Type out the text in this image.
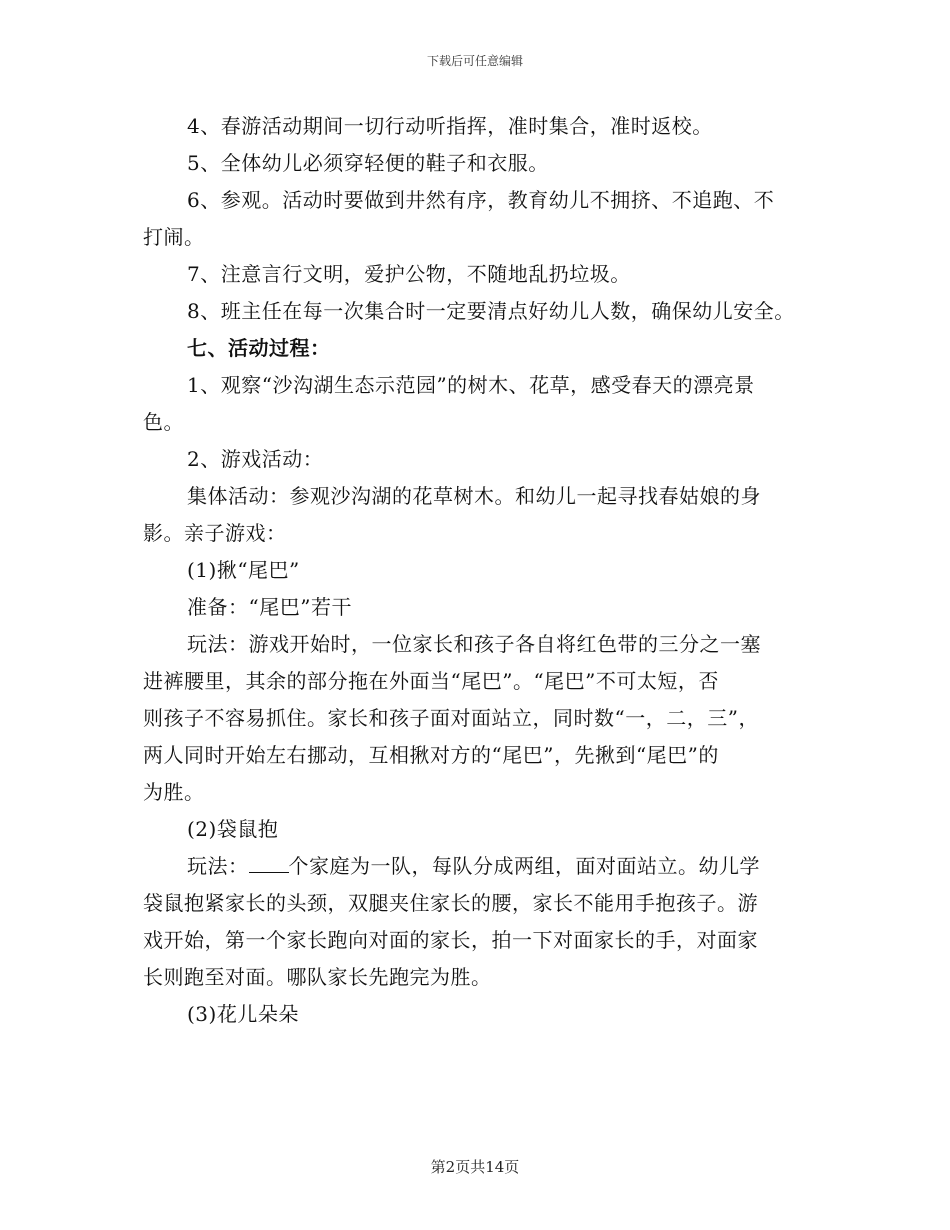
下载后可任意编辑
4、春游活动期间一切行动听指挥，准时集合，准时返校。
5、全体幼儿必须穿轻便的鞋子和衣服。
6、参观。活动时要做到井然有序，教育幼儿不拥挤、不追跑、不
打闹。
7、注意言行文明，爱护公物，不随地乱扔垃圾。
8、班主任在每一次集合时一定要清点好幼儿人数，确保幼儿安全。
七、活动过程：
1、观察“沙沟湖生态示范园”的树木、花草，感受春天的漂亮景
色。
2、游戏活动：
集体活动：参观沙沟湖的花草树木。和幼儿一起寻找春姑娘的身
影。亲子游戏：
(1)揪“尾巴”
准备：“尾巴”若干
玩法：游戏开始时，一位家长和孩子各自将红色带的三分之一塞
进裤腰里，其余的部分拖在外面当“尾巴”。“尾巴”不可太短，否
则孩子不容易抓住。家长和孩子面对面站立，同时数“一，二，三”，
两人同时开始左右挪动，互相揪对方的“尾巴”，先揪到“尾巴”的
为胜。
(2)袋鼠抱
玩法： 个家庭为一队，每队分成两组，面对面站立。幼儿学
袋鼠抱紧家长的头颈，双腿夹住家长的腰，家长不能用手抱孩子。游
戏开始，第一个家长跑向对面的家长，拍一下对面家长的手，对面家
长则跑至对面。哪队家长先跑完为胜。
(3)花儿朵朵
第2页共14页
